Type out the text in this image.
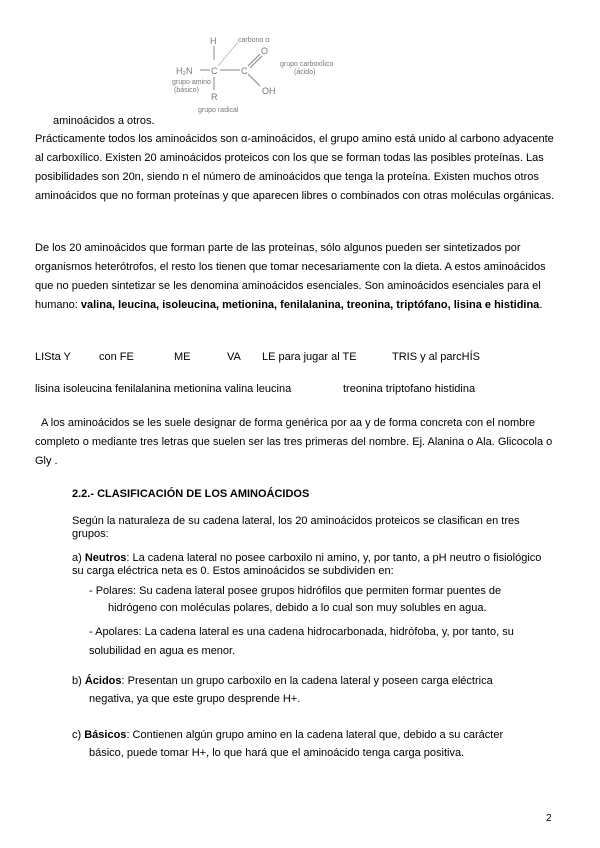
H
H₂N C	C
O
OH
R
carbono α
grupo amino
(básico)
grupo carboxílico
(ácido)
grupo radical
aminoácidos a otros.
Prácticamente todos los aminoácidos son α-aminoácidos, el grupo amino está unido al carbono adyacente al carboxílico. Existen 20 aminoácidos proteicos con los que se forman todas las posibles proteínas. Las posibilidades son 20n, siendo n el número de aminoácidos que tenga la proteína. Existen muchos otros aminoácidos que no forman proteínas y que aparecen libres o combinados con otras moléculas orgánicas.
De los 20 aminoácidos que forman parte de las proteínas, sólo algunos pueden ser sintetizados por organismos heterótrofos, el resto los tienen que tomar necesariamente con la dieta. A estos aminoácidos que no pueden sintetizar se les denomina aminoácidos esenciales. Son aminoácidos esenciales para el humano: valina, leucina, isoleucina, metionina, fenilalanina, treonina, triptófano, lisina e histidina.
LISta Y	con FE	ME	VA LE para jugar al TE	TRIS y al parcHÍS
lisina isoleucina fenilalanina metionina valina leucina	treonina triptofano histidina
A los aminoácidos se les suele designar de forma genérica por aa y de forma concreta con el nombre completo o mediante tres letras que suelen ser las tres primeras del nombre. Ej. Alanina o Ala. Glicocola o Gly .
2.2.- CLASIFICACIÓN DE LOS AMINOÁCIDOS
Según la naturaleza de su cadena lateral, los 20 aminoácidos proteicos se clasifican en tres grupos:
a) Neutros: La cadena lateral no posee carboxilo ni amino, y, por tanto, a pH neutro o fisiológico su carga eléctrica neta es 0. Estos aminoácidos se subdividen en:
- Polares: Su cadena lateral posee grupos hidrófilos que permiten formar puentes de
hidrógeno con moléculas polares, debido a lo cual son muy solubles en agua.
- Apolares: La cadena lateral es una cadena hidrocarbonada, hidrófoba, y, por tanto, su solubilidad en agua es menor.
b) Ácidos: Presentan un grupo carboxilo en la cadena lateral y poseen carga eléctrica
negativa, ya que este grupo desprende H+.
c) Básicos: Contienen algún grupo amino en la cadena lateral que, debido a su carácter
básico, puede tomar H+, lo que hará que el aminoácido tenga carga positiva.
2
